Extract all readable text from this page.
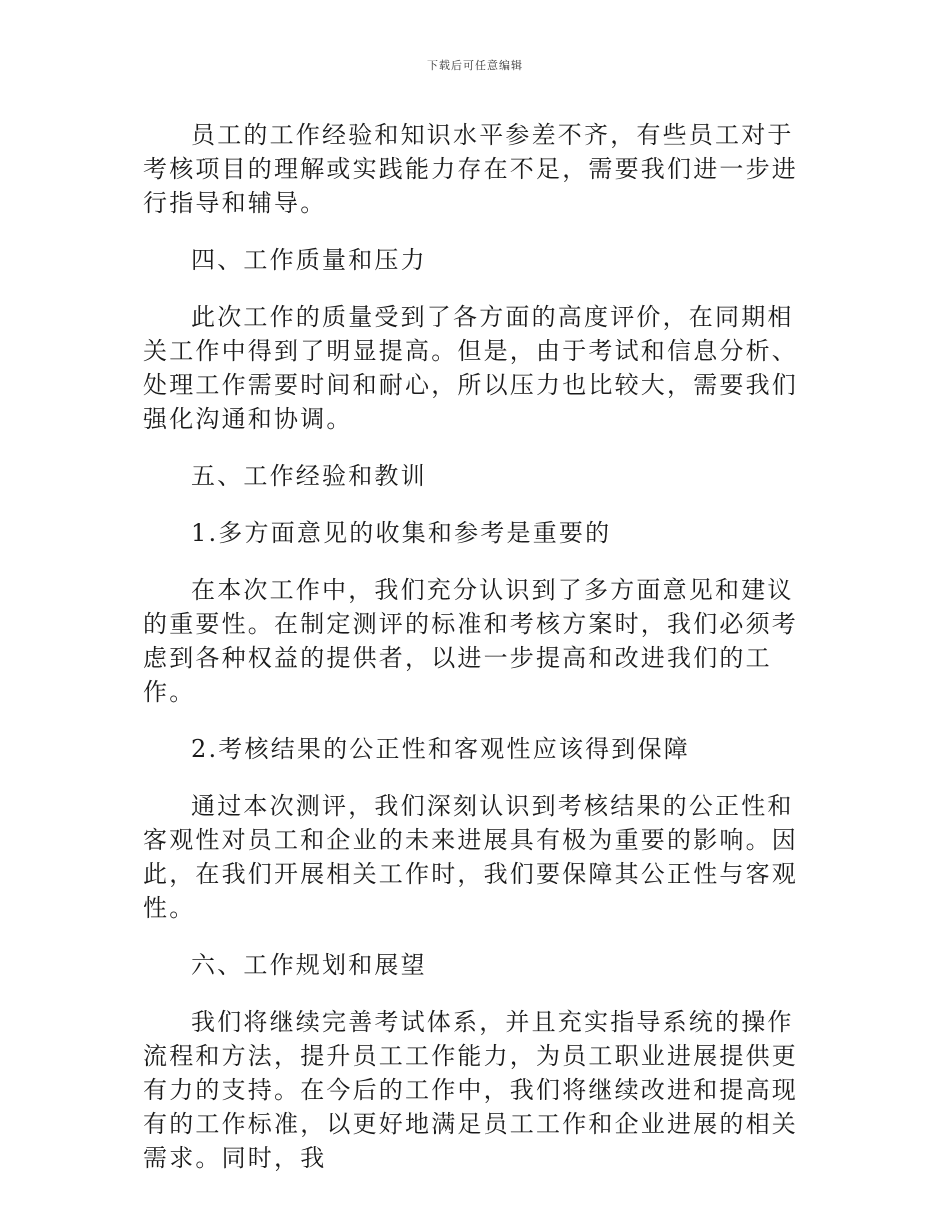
下载后可任意编辑

员工的工作经验和知识水平参差不齐，有些员工对于考核项目的理解或实践能力存在不足，需要我们进一步进行指导和辅导。

四、工作质量和压力

此次工作的质量受到了各方面的高度评价，在同期相关工作中得到了明显提高。但是，由于考试和信息分析、处理工作需要时间和耐心，所以压力也比较大，需要我们强化沟通和协调。

五、工作经验和教训

1.多方面意见的收集和参考是重要的

在本次工作中，我们充分认识到了多方面意见和建议的重要性。在制定测评的标准和考核方案时，我们必须考虑到各种权益的提供者，以进一步提高和改进我们的工作。

2.考核结果的公正性和客观性应该得到保障

通过本次测评，我们深刻认识到考核结果的公正性和客观性对员工和企业的未来进展具有极为重要的影响。因此，在我们开展相关工作时，我们要保障其公正性与客观性。

六、工作规划和展望

我们将继续完善考试体系，并且充实指导系统的操作流程和方法，提升员工工作能力，为员工职业进展提供更有力的支持。在今后的工作中，我们将继续改进和提高现有的工作标准，以更好地满足员工工作和企业进展的相关需求。同时，我
